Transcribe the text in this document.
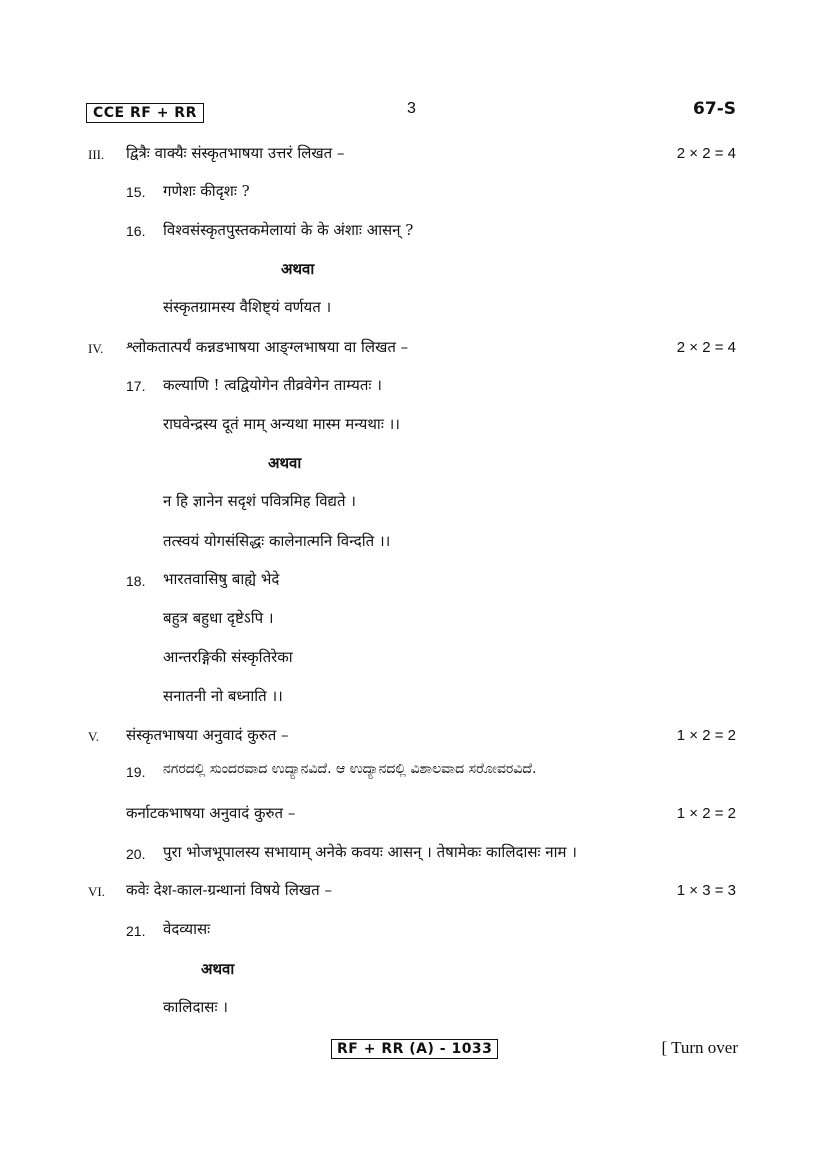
CCE RF + RR	3	67-S
III. द्वित्रैः वाक्यैः संस्कृतभाषया उत्तरं लिखत –	2 × 2 = 4
15. गणेशः कीदृशः ?
16. विश्वसंस्कृतपुस्तकमेलायां के के अंशाः आसन् ?
अथवा
संस्कृतग्रामस्य वैशिष्ट्यं वर्णयत ।
IV. श्लोकतात्पर्यं कन्नडभाषया आङ्ग्लभाषया वा लिखत –	2 × 2 = 4
17. कल्याणि ! त्वद्वियोगेन तीव्रवेगेन ताम्यतः ।
राघवेन्द्रस्य दूतं माम् अन्यथा मास्म मन्यथाः ।।
अथवा
न हि ज्ञानेन सदृशं पवित्रमिह विद्यते ।
तत्स्वयं योगसंसिद्धः कालेनात्मनि विन्दति ।।
18. भारतवासिषु बाह्ये भेदे
बहुत्र बहुधा दृष्टेऽपि ।
आन्तरङ्गिकी संस्कृतिरेका
सनातनी नो बध्नाति ।।
V. संस्कृतभाषया अनुवादं कुरुत –	1 × 2 = 2
19. ನಗರದಲ್ಲಿ ಸುಂದರವಾದ ಉದ್ಯಾನವಿದೆ. ಆ ಉದ್ಯಾನದಲ್ಲಿ ವಿಶಾಲವಾದ ಸರೋವರವಿದೆ.
कर्नाटकभाषया अनुवादं कुरुत –	1 × 2 = 2
20. पुरा भोजभूपालस्य सभायाम् अनेके कवयः आसन् । तेषामेकः कालिदासः नाम ।
VI. कवेः देश-काल-ग्रन्थानां विषये लिखत –	1 × 3 = 3
21. वेदव्यासः
अथवा
कालिदासः ।
RF + RR (A) - 1033	[ Turn over
